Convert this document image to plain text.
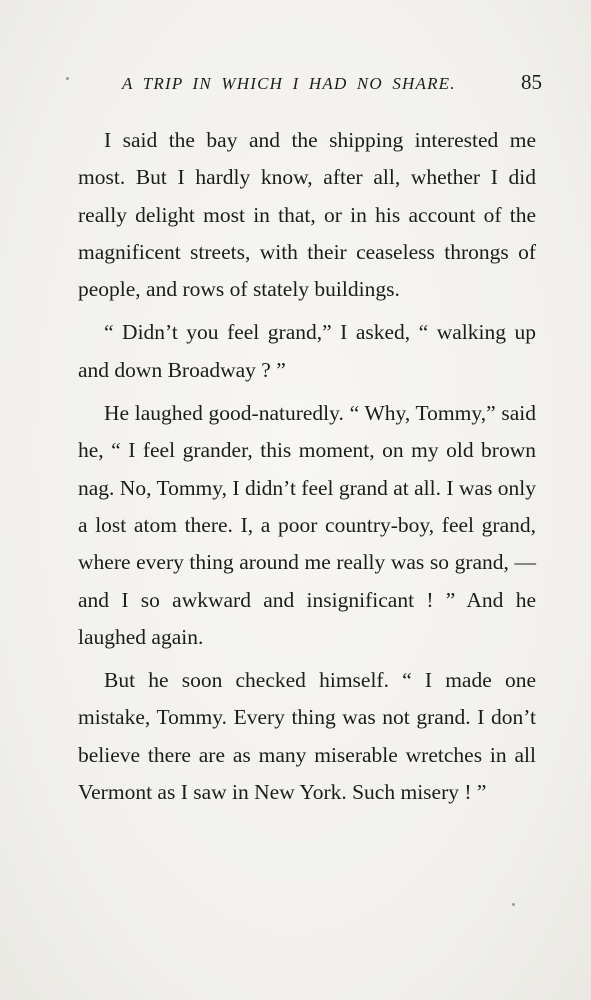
A TRIP IN WHICH I HAD NO SHARE.	85

I said the bay and the shipping interested me most. But I hardly know, after all, whether I did really delight most in that, or in his account of the magnificent streets, with their ceaseless throngs of people, and rows of stately buildings.

“ Didn’t you feel grand,” I asked, “ walking up and down Broadway ? ”

He laughed good-naturedly. “ Why, Tommy,” said he, “ I feel grander, this moment, on my old brown nag. No, Tommy, I didn’t feel grand at all. I was only a lost atom there. I, a poor country-boy, feel grand, where every thing around me really was so grand, — and I so awkward and insignificant ! ” And he laughed again.

But he soon checked himself. “ I made one mistake, Tommy. Every thing was not grand. I don’t believe there are as many miserable wretches in all Vermont as I saw in New York. Such misery ! ”
